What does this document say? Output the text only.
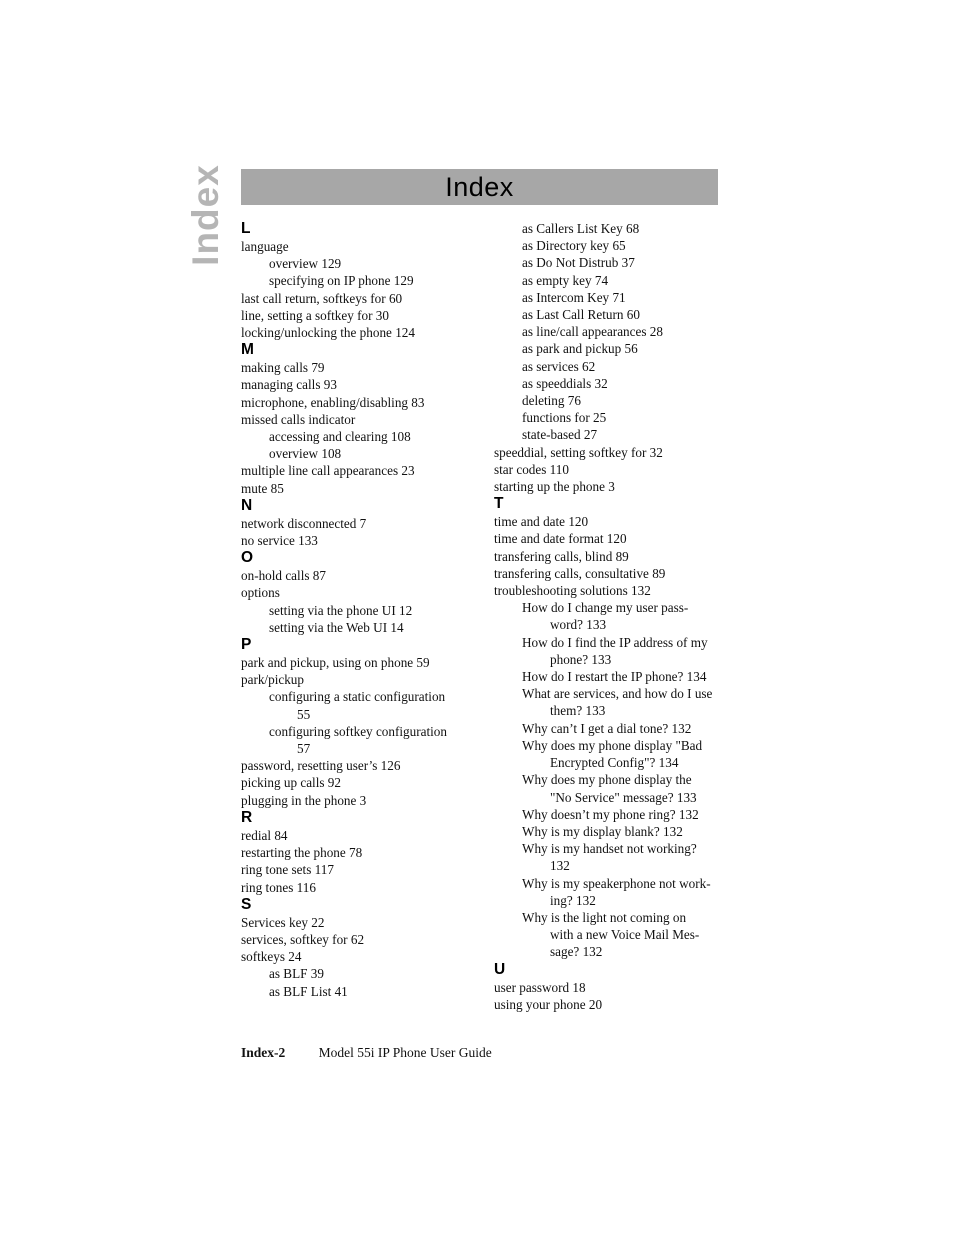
Index	Index
L
language
overview 129
specifying on IP phone 129
last call return, softkeys for 60
line, setting a softkey for 30
locking/unlocking the phone 124
M
making calls 79
managing calls 93
microphone, enabling/disabling 83
missed calls indicator
accessing and clearing 108
overview 108
multiple line call appearances 23
mute 85
N
network disconnected 7
no service 133
O
on-hold calls 87
options
setting via the phone UI 12
setting via the Web UI 14
P
park and pickup, using on phone 59
park/pickup
configuring a static configuration
55
configuring softkey configuration
57
password, resetting user’s 126
picking up calls 92
plugging in the phone 3
R
redial 84
restarting the phone 78
ring tone sets 117
ring tones 116
S
Services key 22
services, softkey for 62
softkeys 24
as BLF 39
as BLF List 41
as Callers List Key 68
as Directory key 65
as Do Not Distrub 37
as empty key 74
as Intercom Key 71
as Last Call Return 60
as line/call appearances 28
as park and pickup 56
as services 62
as speeddials 32
deleting 76
functions for 25
state-based 27
speeddial, setting softkey for 32
star codes 110
starting up the phone 3
T
time and date 120
time and date format 120
transfering calls, blind 89
transfering calls, consultative 89
troubleshooting solutions 132
How do I change my user pass-
word? 133
How do I find the IP address of my
phone? 133
How do I restart the IP phone? 134
What are services, and how do I use
them? 133
Why can’t I get a dial tone? 132
Why does my phone display "Bad
Encrypted Config"? 134
Why does my phone display the
"No Service" message? 133
Why doesn’t my phone ring? 132
Why is my display blank? 132
Why is my handset not working?
132
Why is my speakerphone not work-
ing? 132
Why is the light not coming on
with a new Voice Mail Mes-
sage? 132
U
user password 18
using your phone 20
Index-2 Model 55i IP Phone User Guide
